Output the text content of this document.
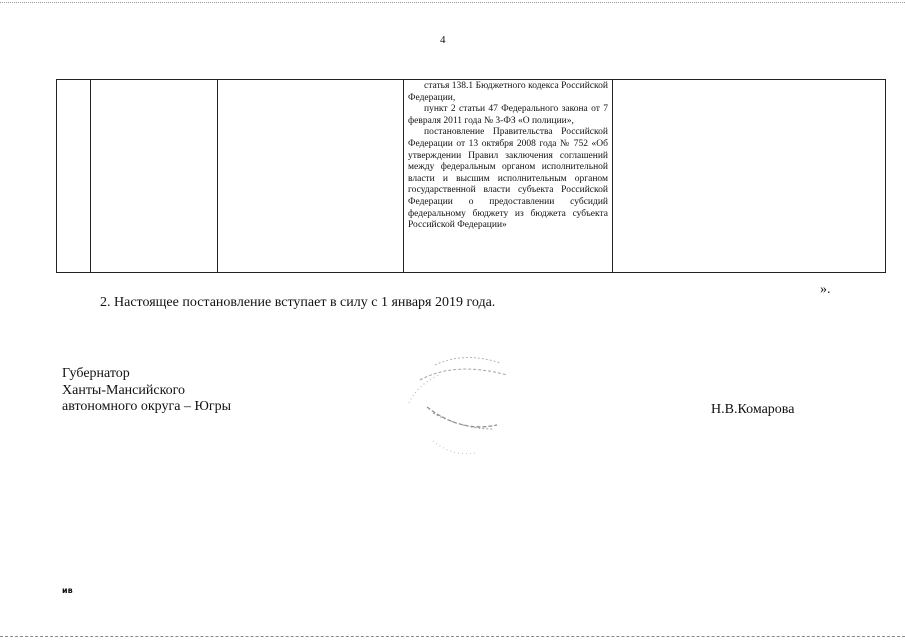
4

статья 138.1 Бюджетного кодекса Российской Федерации,

пункт 2 статьи 47 Федерального закона от 7 февраля 2011 года № 3-ФЗ «О полиции»,

постановление Правительства Российской Федерации от 13 октября 2008 года № 752 «Об утверждении Правил заключения соглашений между федеральным органом исполнительной власти и высшим исполнительным органом государственной власти субъекта Российской Федерации о предоставлении субсидий федеральному бюджету из бюджета субъекта Российской Федерации»

».
2. Настоящее постановление вступает в силу с 1 января 2019 года.
Губернатор
Ханты-Мансийского
автономного округа – Югры	Н.В.Комарова
ив
